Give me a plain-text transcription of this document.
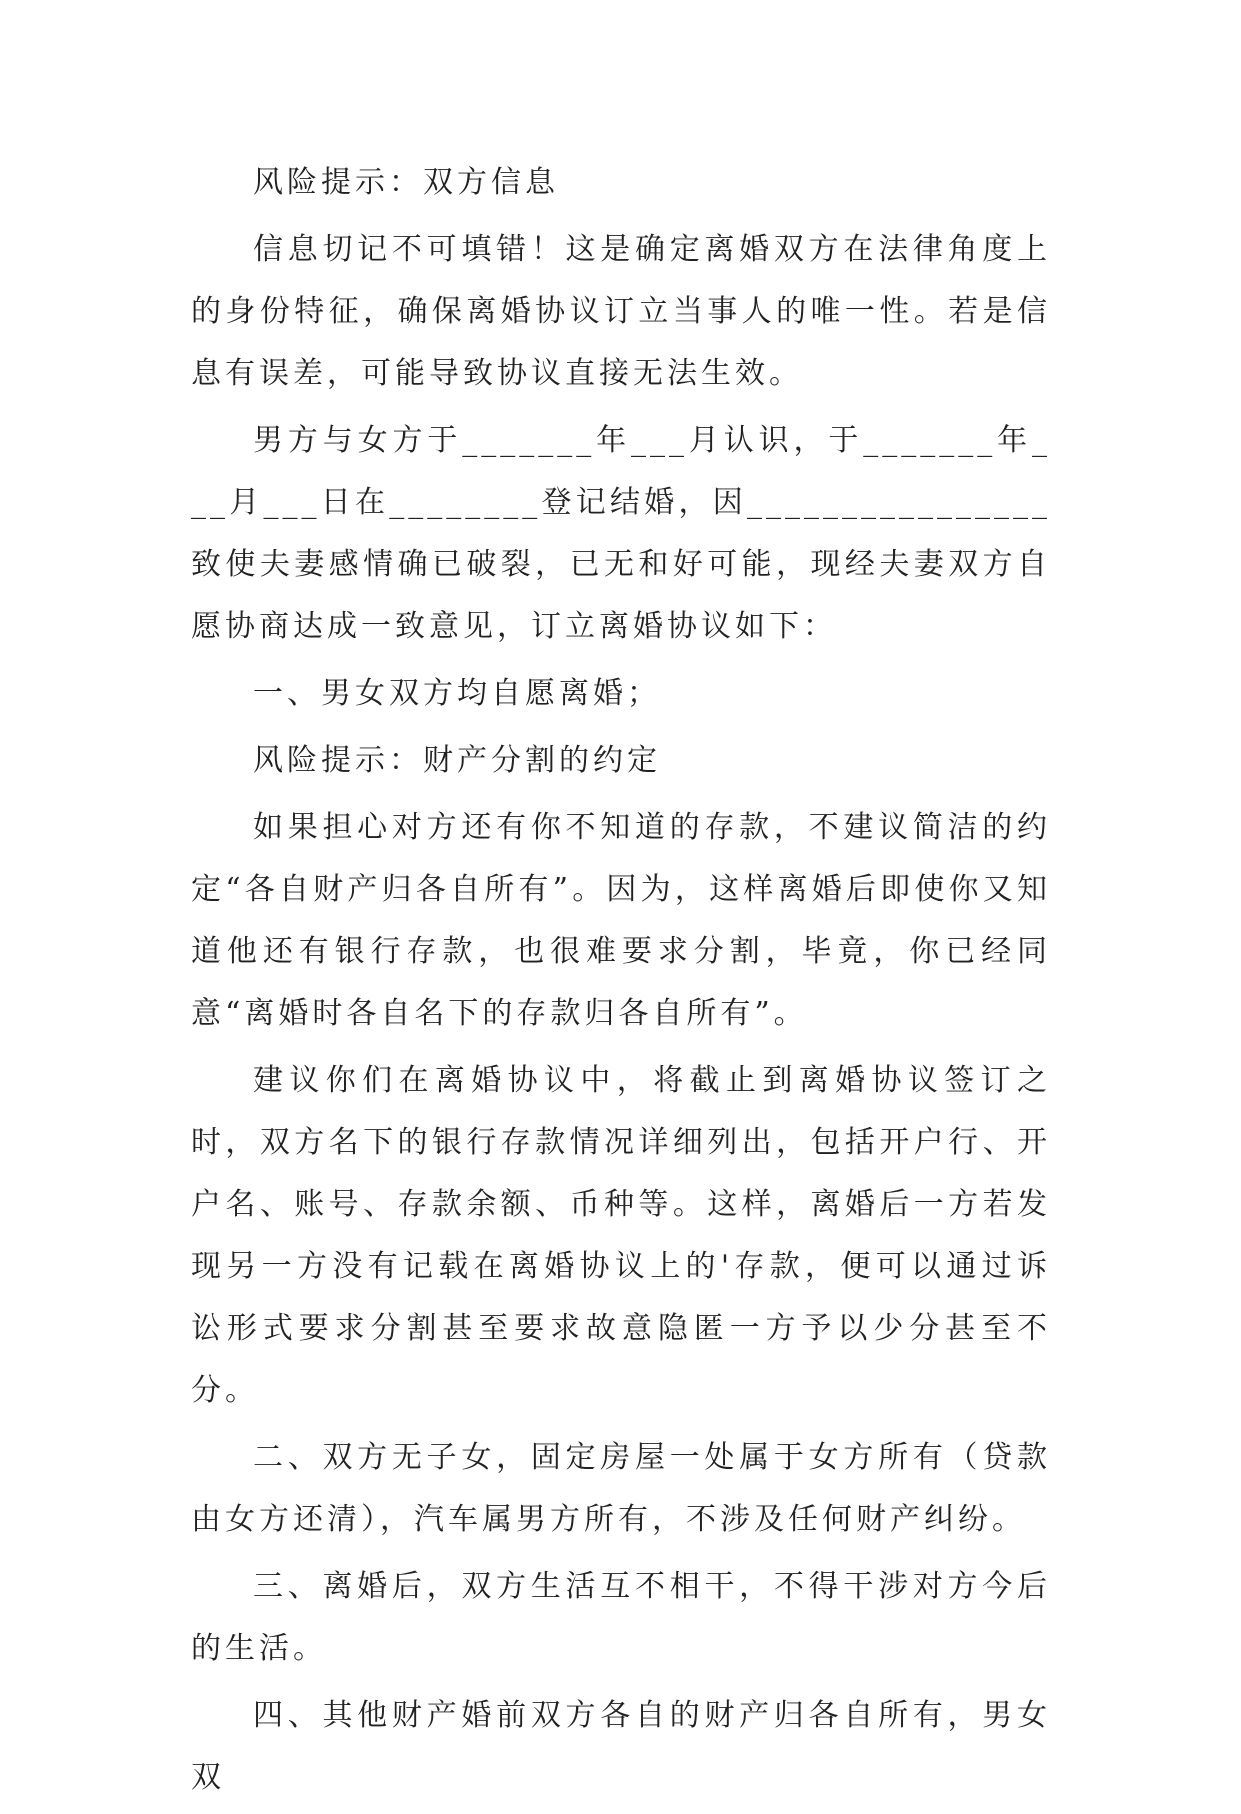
风险提示：双方信息

信息切记不可填错！这是确定离婚双方在法律角度上的身份特征，确保离婚协议订立当事人的唯一性。若是信息有误差，可能导致协议直接无法生效。

男方与女方于_______年___月认识，于_______年___月___日在________登记结婚，因________________致使夫妻感情确已破裂，已无和好可能，现经夫妻双方自愿协商达成一致意见，订立离婚协议如下：

一、男女双方均自愿离婚；

风险提示：财产分割的约定

如果担心对方还有你不知道的存款，不建议简洁的约定“各自财产归各自所有”。因为，这样离婚后即使你又知道他还有银行存款，也很难要求分割，毕竟，你已经同意“离婚时各自名下的存款归各自所有”。

建议你们在离婚协议中，将截止到离婚协议签订之时，双方名下的银行存款情况详细列出，包括开户行、开户名、账号、存款余额、币种等。这样，离婚后一方若发现另一方没有记载在离婚协议上的'存款，便可以通过诉讼形式要求分割甚至要求故意隐匿一方予以少分甚至不分。

二、双方无子女，固定房屋一处属于女方所有（贷款由女方还清），汽车属男方所有，不涉及任何财产纠纷。

三、离婚后，双方生活互不相干，不得干涉对方今后的生活。

四、其他财产婚前双方各自的财产归各自所有，男女双
